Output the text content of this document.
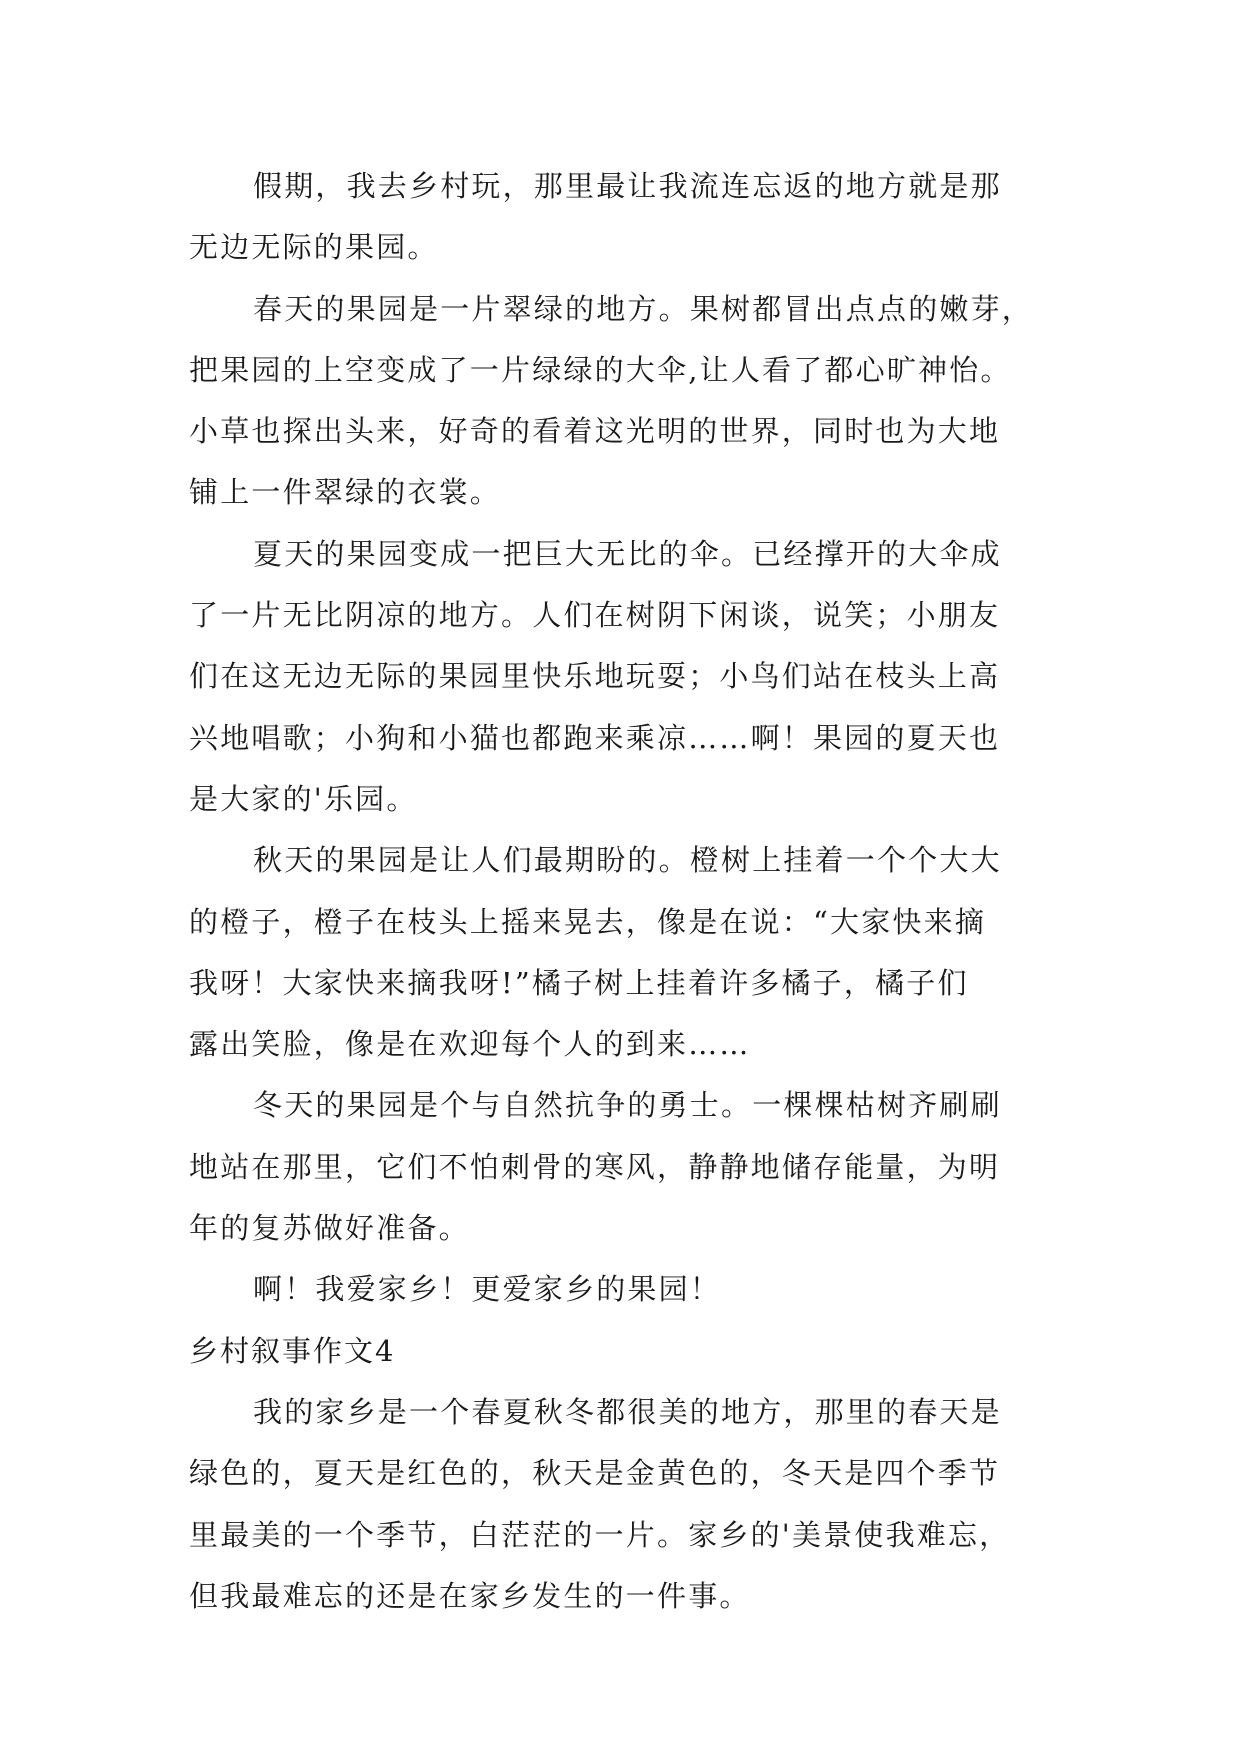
假期，我去乡村玩，那里最让我流连忘返的地方就是那
无边无际的果园。
春天的果园是一片翠绿的地方。果树都冒出点点的嫩芽，
把果园的上空变成了一片绿绿的大伞,让人看了都心旷神怡。
小草也探出头来，好奇的看着这光明的世界，同时也为大地
铺上一件翠绿的衣裳。
夏天的果园变成一把巨大无比的伞。已经撑开的大伞成
了一片无比阴凉的地方。人们在树阴下闲谈，说笑；小朋友
们在这无边无际的果园里快乐地玩耍；小鸟们站在枝头上高
兴地唱歌；小狗和小猫也都跑来乘凉……啊！果园的夏天也
是大家的'乐园。
秋天的果园是让人们最期盼的。橙树上挂着一个个大大
的橙子，橙子在枝头上摇来晃去，像是在说：“大家快来摘
我呀！大家快来摘我呀!”橘子树上挂着许多橘子，橘子们
露出笑脸，像是在欢迎每个人的到来……
冬天的果园是个与自然抗争的勇士。一棵棵枯树齐刷刷
地站在那里，它们不怕刺骨的寒风，静静地储存能量，为明
年的复苏做好准备。
啊！我爱家乡！更爱家乡的果园！
乡村叙事作文4
我的家乡是一个春夏秋冬都很美的地方，那里的春天是
绿色的，夏天是红色的，秋天是金黄色的，冬天是四个季节
里最美的一个季节，白茫茫的一片。家乡的'美景使我难忘，
但我最难忘的还是在家乡发生的一件事。
